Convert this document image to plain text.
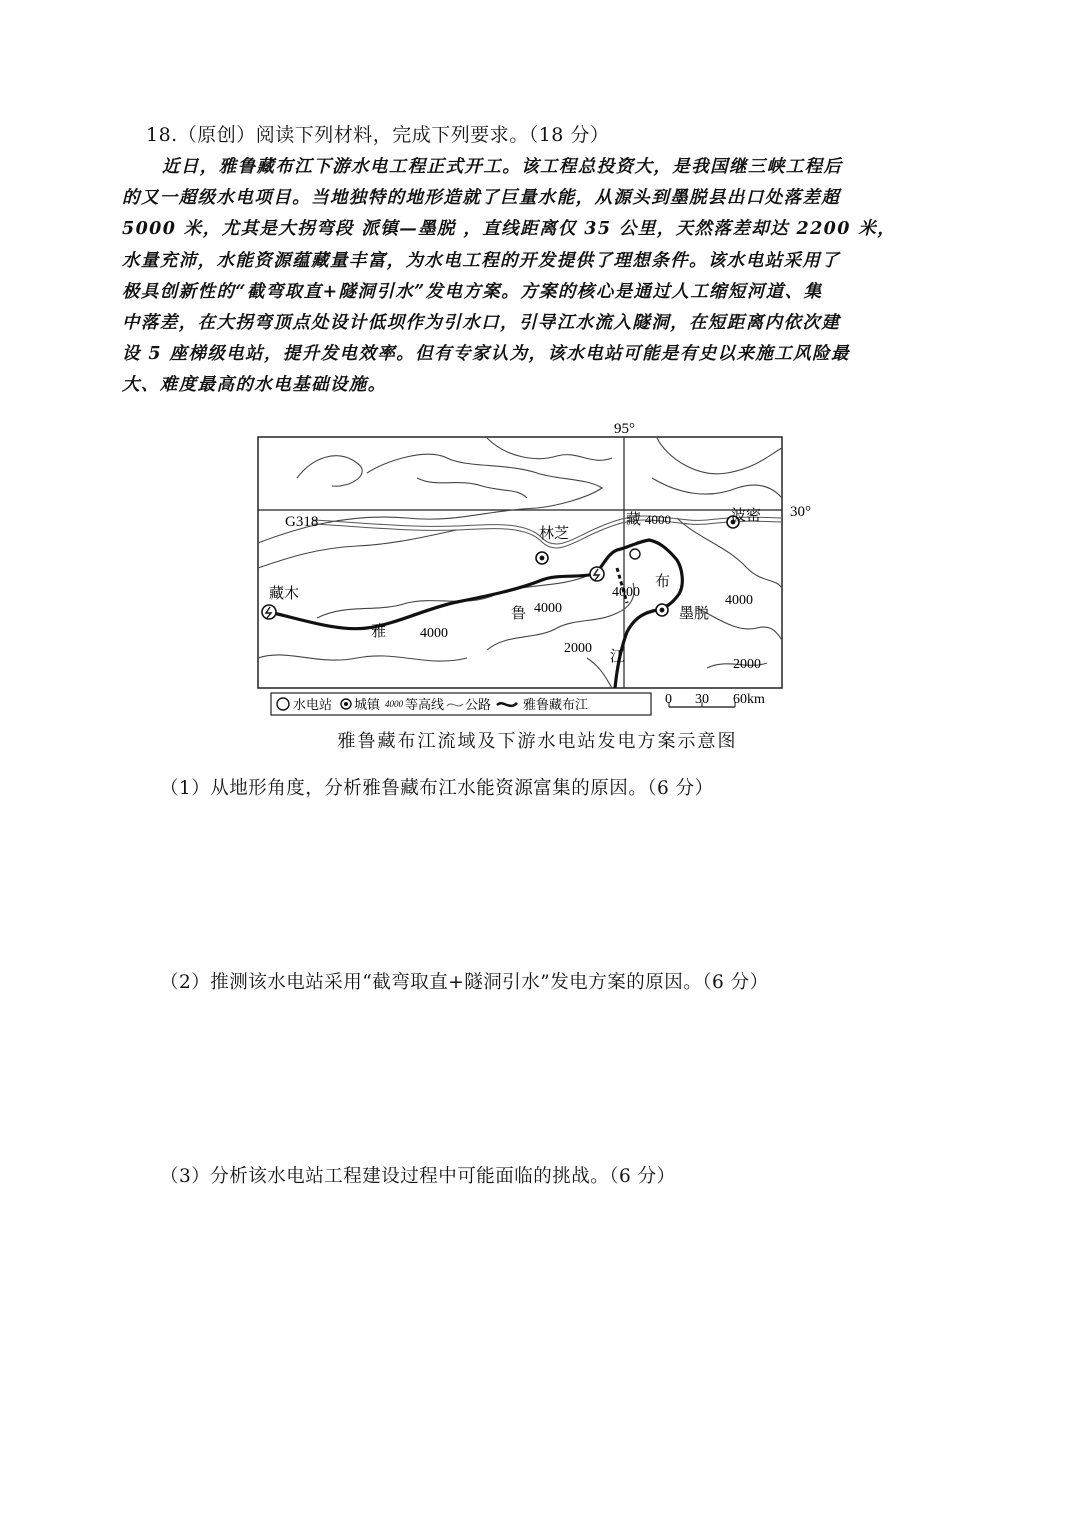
18.（原创）阅读下列材料，完成下列要求。（18 分）
近日，雅鲁藏布江下游水电工程正式开工。该工程总投资大，是我国继三峡工程后
的又一超级水电项目。当地独特的地形造就了巨量水能，从源头到墨脱县出口处落差超
5000 米，尤其是大拐弯段 派镇—墨脱 ，直线距离仅 35 公里，天然落差却达 2200 米，
水量充沛，水能资源蕴藏量丰富，为水电工程的开发提供了理想条件。该水电站采用了
极具创新性的“截弯取直+隧洞引水”发电方案。方案的核心是通过人工缩短河道、集
中落差，在大拐弯顶点处设计低坝作为引水口，引导江水流入隧洞，在短距离内依次建
设 5 座梯级电站，提升发电效率。但有专家认为，该水电站可能是有史以来施工风险最
大、难度最高的水电基础设施。
95°
30°
G318
林芝
波密
墨脱
藏木
雅
鲁
藏
布
江
4000
4000
4000
4000
4000
2000
2000
水电站 城镇 4000 等高线 公路 雅鲁藏布江	0 30 60km
雅鲁藏布江流域及下游水电站发电方案示意图
（1）从地形角度，分析雅鲁藏布江水能资源富集的原因。（6 分）
（2）推测该水电站采用“截弯取直+隧洞引水”发电方案的原因。（6 分）
（3）分析该水电站工程建设过程中可能面临的挑战。（6 分）
